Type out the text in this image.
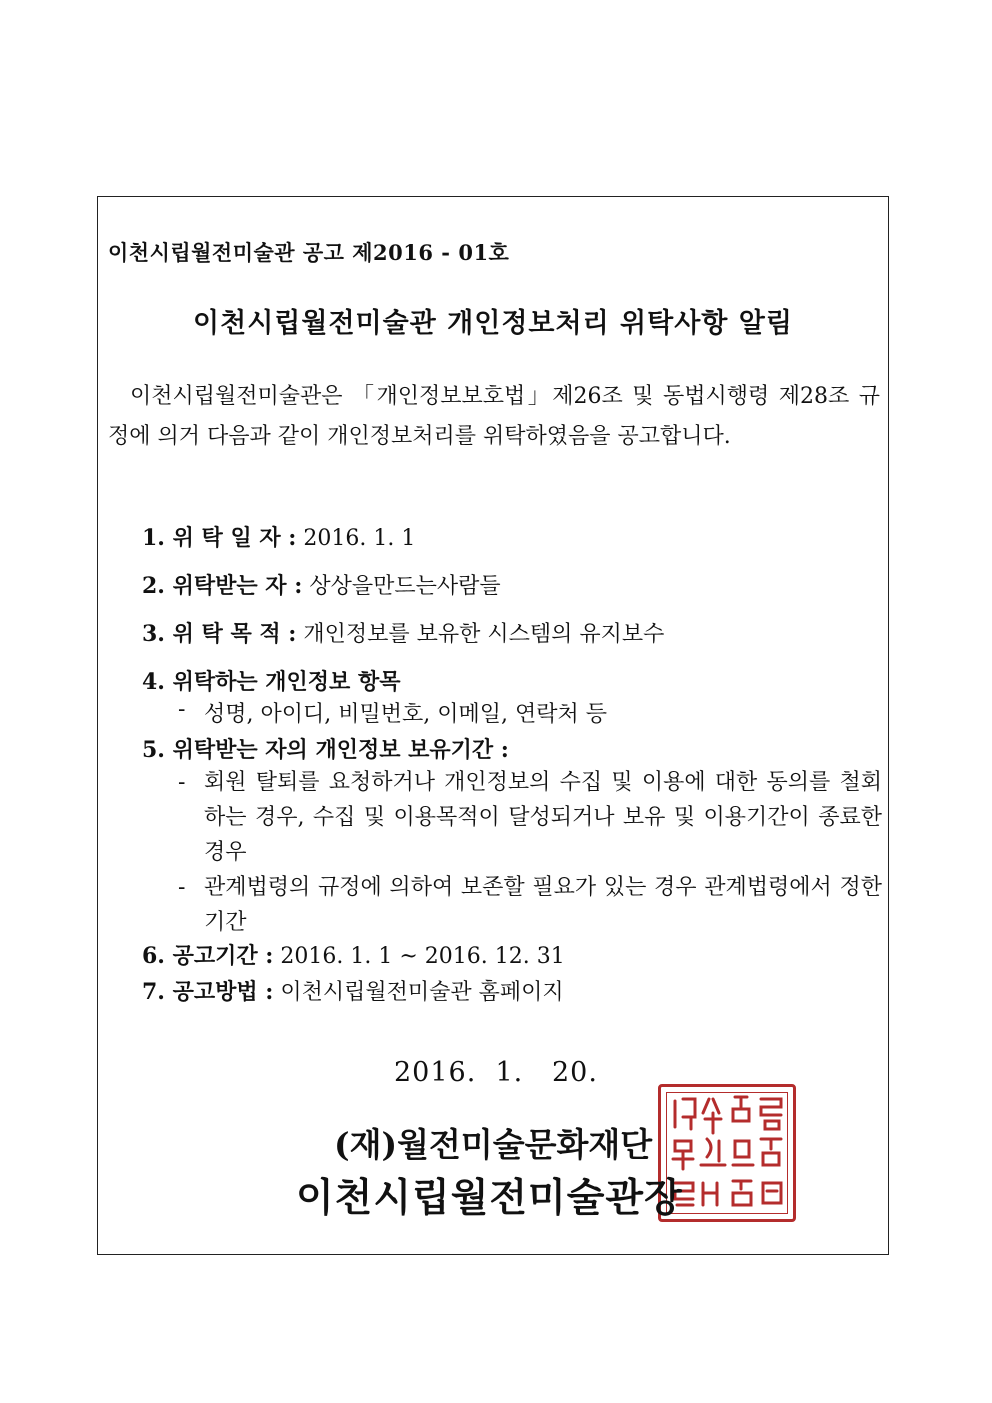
이천시립월전미술관 공고 제2016 - 01호
이천시립월전미술관 개인정보처리 위탁사항 알림
이천시립월전미술관은 「개인정보보호법」제26조 및 동법시행령 제28조 규정에 의거 다음과 같이 개인정보처리를 위탁하였음을 공고합니다.
1. 위 탁 일 자 : 2016. 1. 1
2. 위탁받는 자 : 상상을만드는사람들
3. 위 탁 목 적 : 개인정보를 보유한 시스템의 유지보수
4. 위탁하는 개인정보 항목
- 성명, 아이디, 비밀번호, 이메일, 연락처 등
5. 위탁받는 자의 개인정보 보유기간 :
- 회원 탈퇴를 요청하거나 개인정보의 수집 및 이용에 대한 동의를 철회하는 경우, 수집 및 이용목적이 달성되거나 보유 및 이용기간이 종료한 경우
- 관계법령의 규정에 의하여 보존할 필요가 있는 경우 관계법령에서 정한 기간
6. 공고기간 : 2016. 1. 1 ~ 2016. 12. 31
7. 공고방법 : 이천시립월전미술관 홈페이지
2016.  1.   20.
(재)월전미술문화재단
이천시립월전미술관장
